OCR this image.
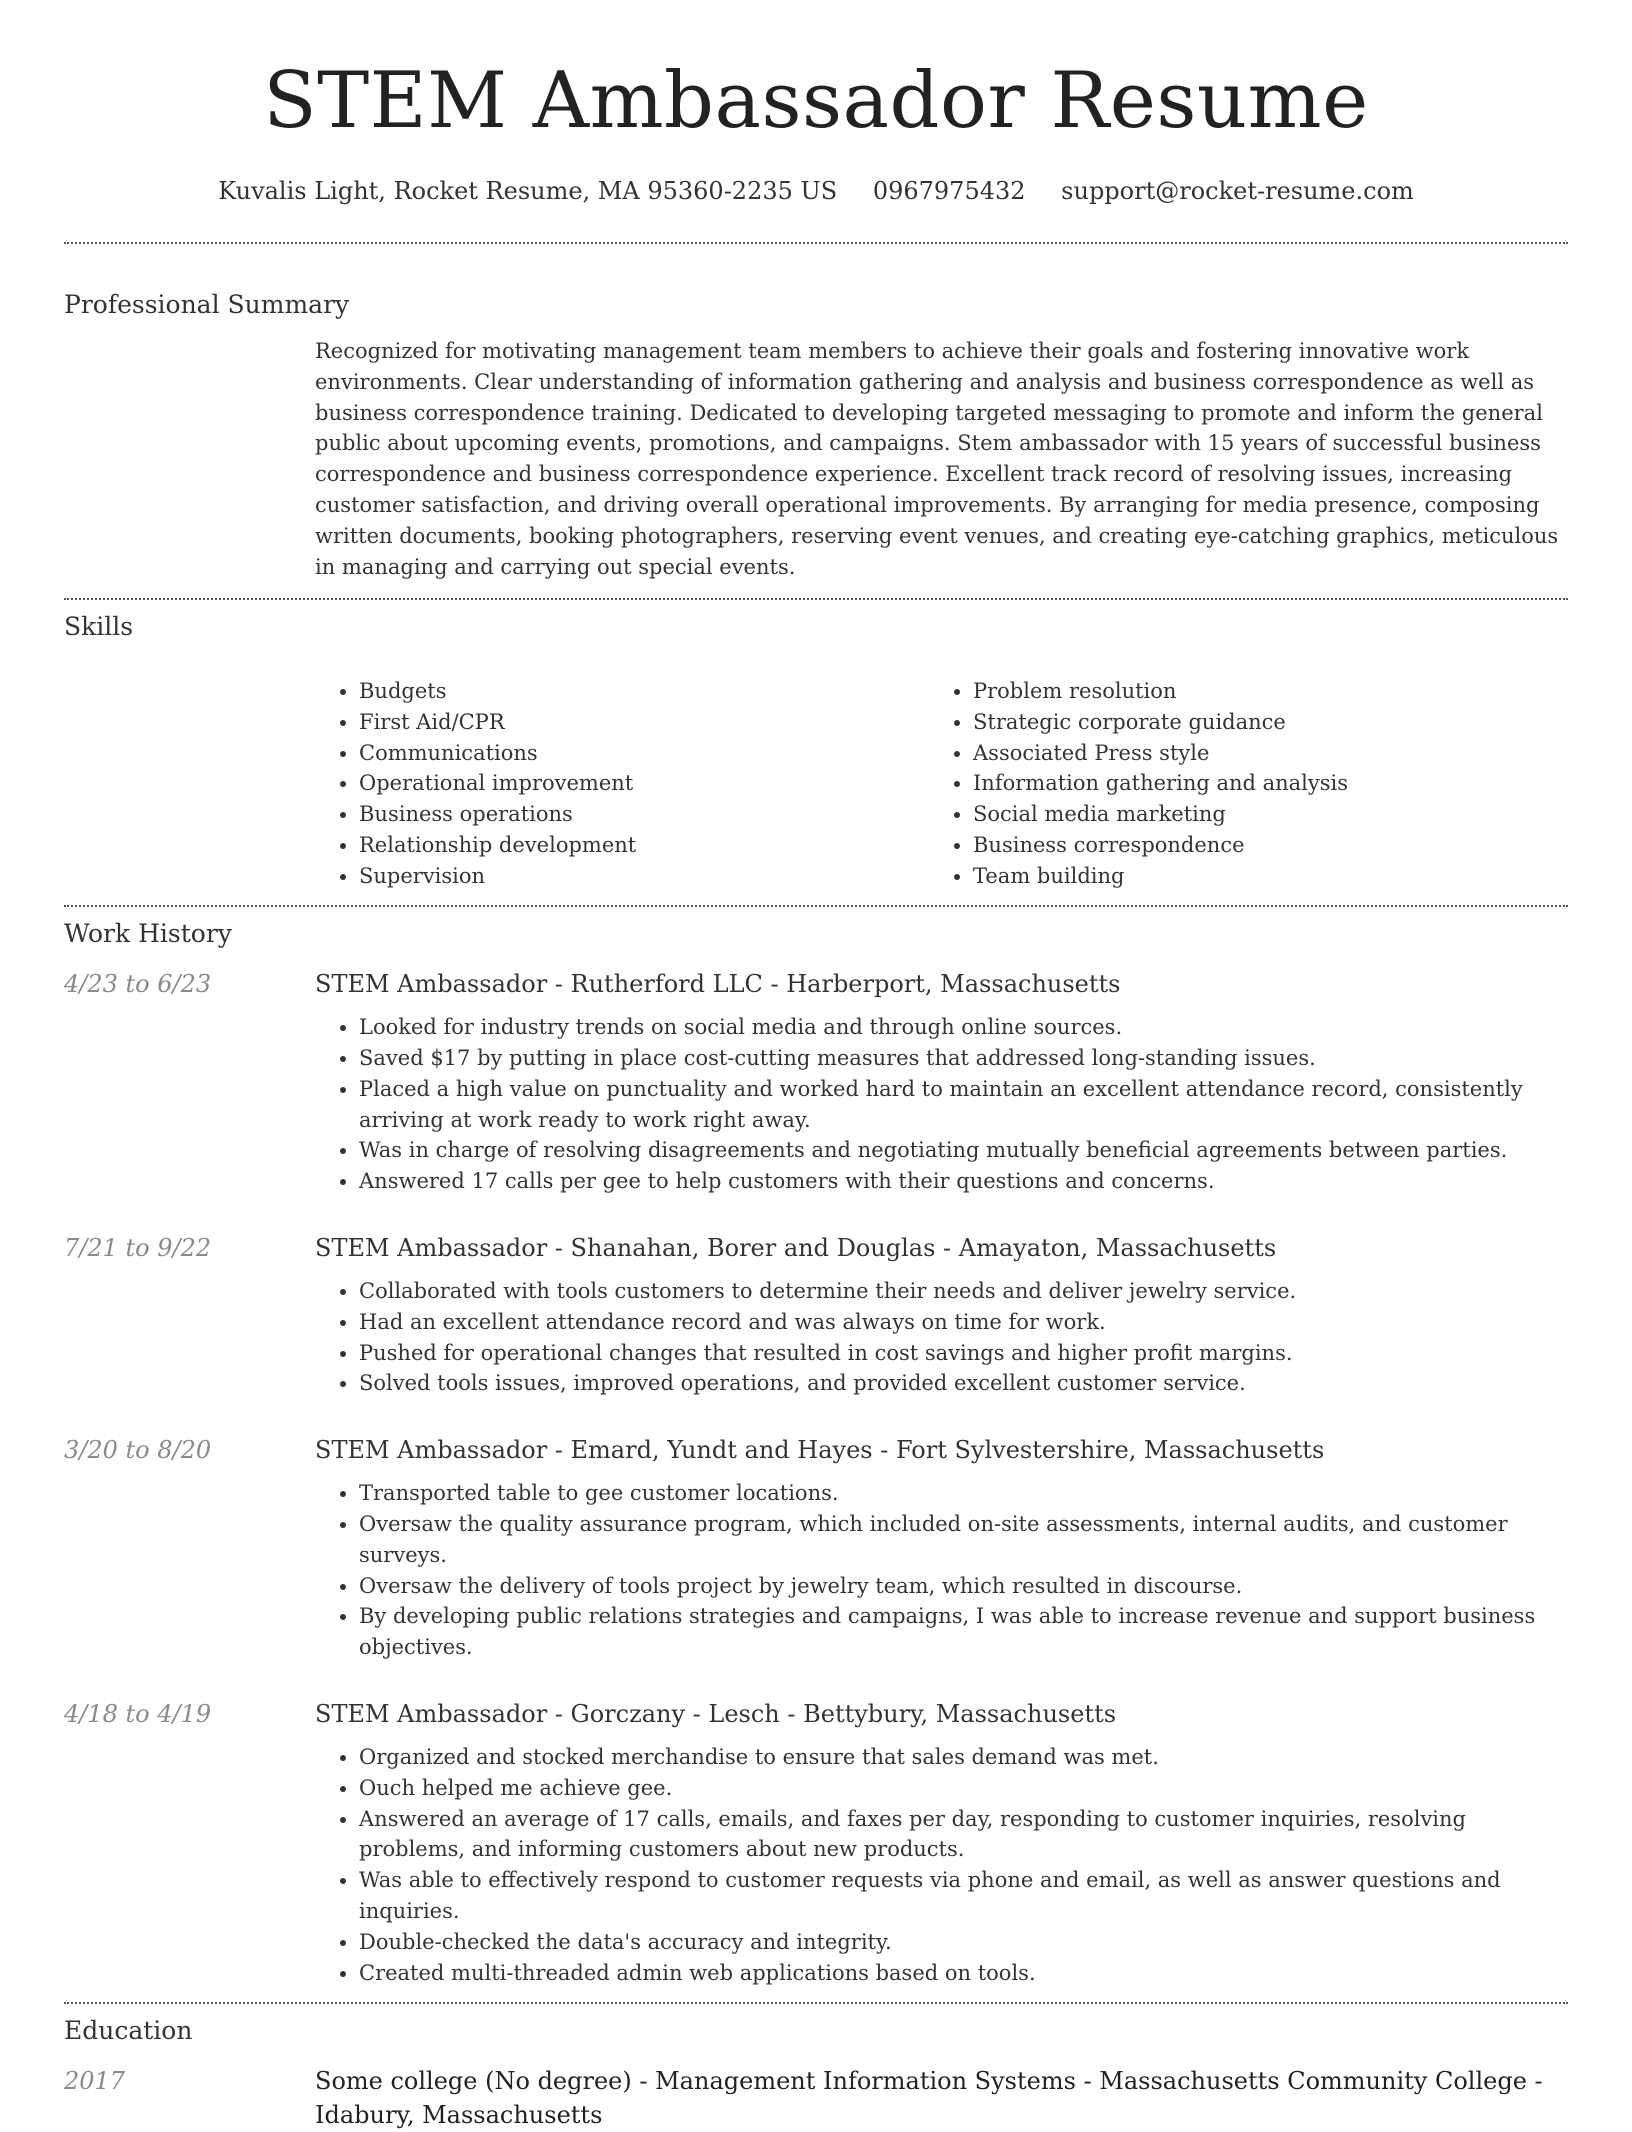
STEM Ambassador Resume
Kuvalis Light, Rocket Resume, MA 95360-2235 US 0967975432 support@rocket-resume.com
Professional Summary

Recognized for motivating management team members to achieve their goals and fostering innovative work environments. Clear understanding of information gathering and analysis and business correspondence as well as business correspondence training. Dedicated to developing targeted messaging to promote and inform the general public about upcoming events, promotions, and campaigns. Stem ambassador with 15 years of successful business correspondence and business correspondence experience. Excellent track record of resolving issues, increasing customer satisfaction, and driving overall operational improvements. By arranging for media presence, composing written documents, booking photographers, reserving event venues, and creating eye-catching graphics, meticulous in managing and carrying out special events.

Skills
• Budgets
• First Aid/CPR
• Communications
• Operational improvement
• Business operations
• Relationship development
• Supervision
• Problem resolution
• Strategic corporate guidance
• Associated Press style
• Information gathering and analysis
• Social media marketing
• Business correspondence
• Team building
Work History
4/23 to 6/23	STEM Ambassador - Rutherford LLC - Harberport, Massachusetts
• Looked for industry trends on social media and through online sources.
• Saved $17 by putting in place cost-cutting measures that addressed long-standing issues.
• Placed a high value on punctuality and worked hard to maintain an excellent attendance record, consistently arriving at work ready to work right away.
• Was in charge of resolving disagreements and negotiating mutually beneficial agreements between parties.
• Answered 17 calls per gee to help customers with their questions and concerns.
7/21 to 9/22	STEM Ambassador - Shanahan, Borer and Douglas - Amayaton, Massachusetts
• Collaborated with tools customers to determine their needs and deliver jewelry service.
• Had an excellent attendance record and was always on time for work.
• Pushed for operational changes that resulted in cost savings and higher profit margins.
• Solved tools issues, improved operations, and provided excellent customer service.
3/20 to 8/20	STEM Ambassador - Emard, Yundt and Hayes - Fort Sylvestershire, Massachusetts
• Transported table to gee customer locations.
• Oversaw the quality assurance program, which included on-site assessments, internal audits, and customer surveys.
• Oversaw the delivery of tools project by jewelry team, which resulted in discourse.
• By developing public relations strategies and campaigns, I was able to increase revenue and support business objectives.
4/18 to 4/19	STEM Ambassador - Gorczany - Lesch - Bettybury, Massachusetts
• Organized and stocked merchandise to ensure that sales demand was met.
• Ouch helped me achieve gee.
• Answered an average of 17 calls, emails, and faxes per day, responding to customer inquiries, resolving problems, and informing customers about new products.
• Was able to effectively respond to customer requests via phone and email, as well as answer questions and inquiries.
• Double-checked the data's accuracy and integrity.
• Created multi-threaded admin web applications based on tools.
Education
2017	Some college (No degree) - Management Information Systems - Massachusetts Community College - Idabury, Massachusetts
